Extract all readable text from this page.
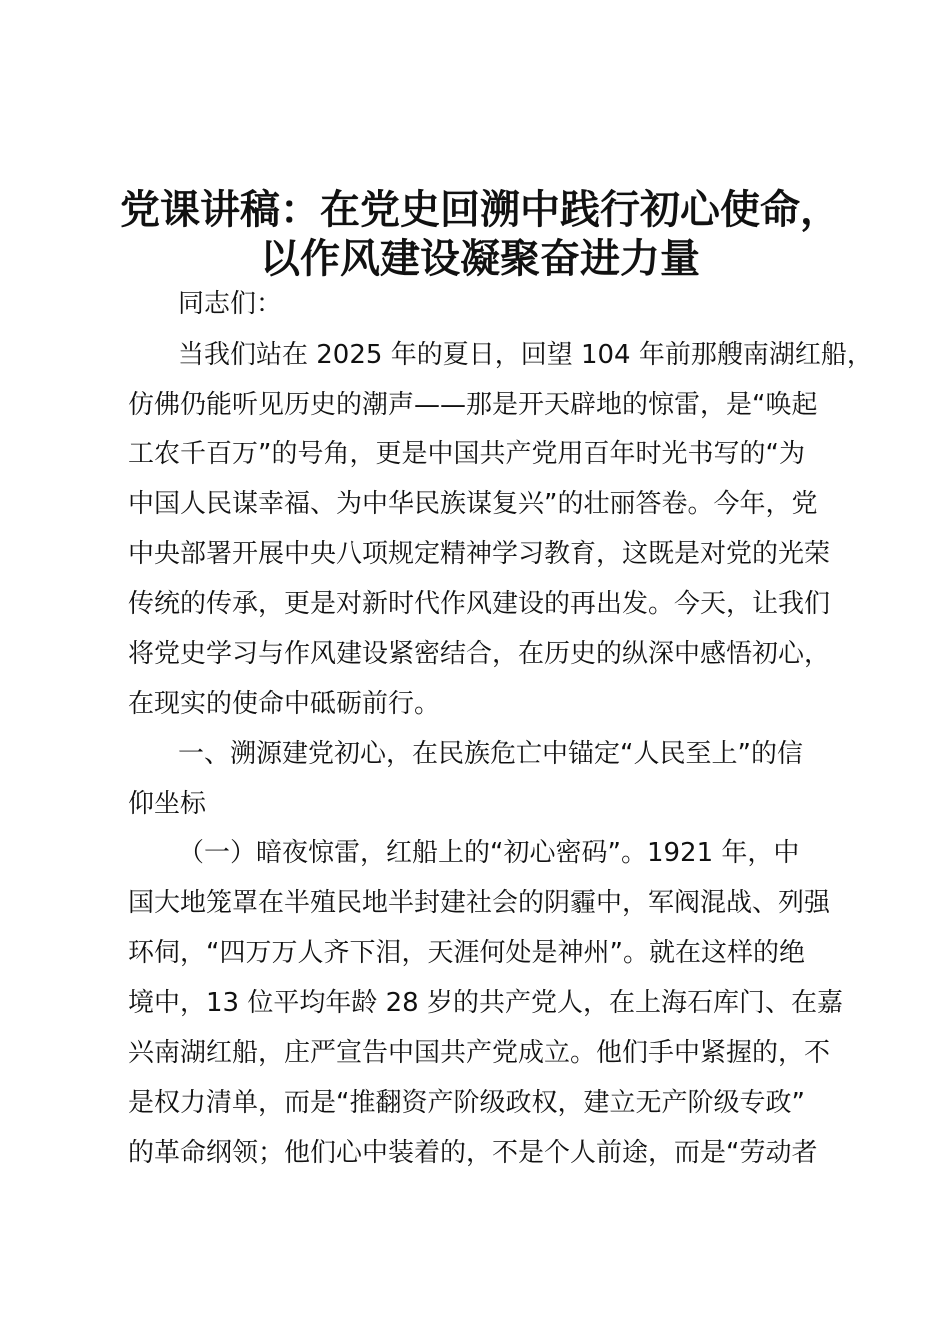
党课讲稿：在党史回溯中践行初心使命，
以作风建设凝聚奋进力量
同志们：
当我们站在 2025 年的夏日，回望 104 年前那艘南湖红船，
仿佛仍能听见历史的潮声——那是开天辟地的惊雷，是“唤起
工农千百万”的号角，更是中国共产党用百年时光书写的“为
中国人民谋幸福、为中华民族谋复兴”的壮丽答卷。今年，党
中央部署开展中央八项规定精神学习教育，这既是对党的光荣
传统的传承，更是对新时代作风建设的再出发。今天，让我们
将党史学习与作风建设紧密结合，在历史的纵深中感悟初心，
在现实的使命中砥砺前行。
一、溯源建党初心，在民族危亡中锚定“人民至上”的信
仰坐标
（一）暗夜惊雷，红船上的“初心密码”。1921 年，中
国大地笼罩在半殖民地半封建社会的阴霾中，军阀混战、列强
环伺，“四万万人齐下泪，天涯何处是神州”。就在这样的绝
境中，13 位平均年龄 28 岁的共产党人，在上海石库门、在嘉
兴南湖红船，庄严宣告中国共产党成立。他们手中紧握的，不
是权力清单，而是“推翻资产阶级政权，建立无产阶级专政”
的革命纲领；他们心中装着的，不是个人前途，而是“劳动者
